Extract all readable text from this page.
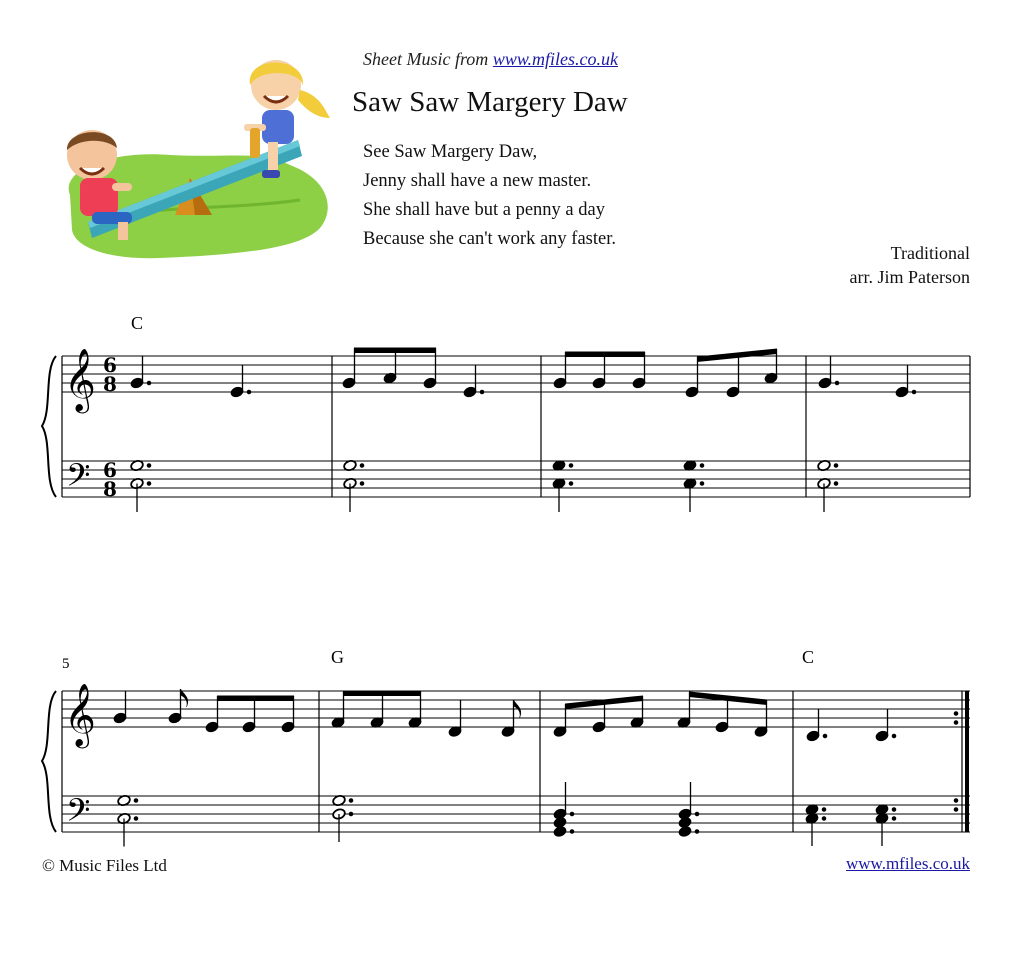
Sheet Music from www.mfiles.co.uk
Saw Saw Margery Daw
See Saw Margery Daw,
Jenny shall have a new master.
She shall have but a penny a day
Because she can't work any faster.
Traditional
arr. Jim Paterson
𝄞
𝄢
𝄞
𝄢
6
8
6
8
C
G	C
5
© Music Files Ltd	www.mfiles.co.uk
